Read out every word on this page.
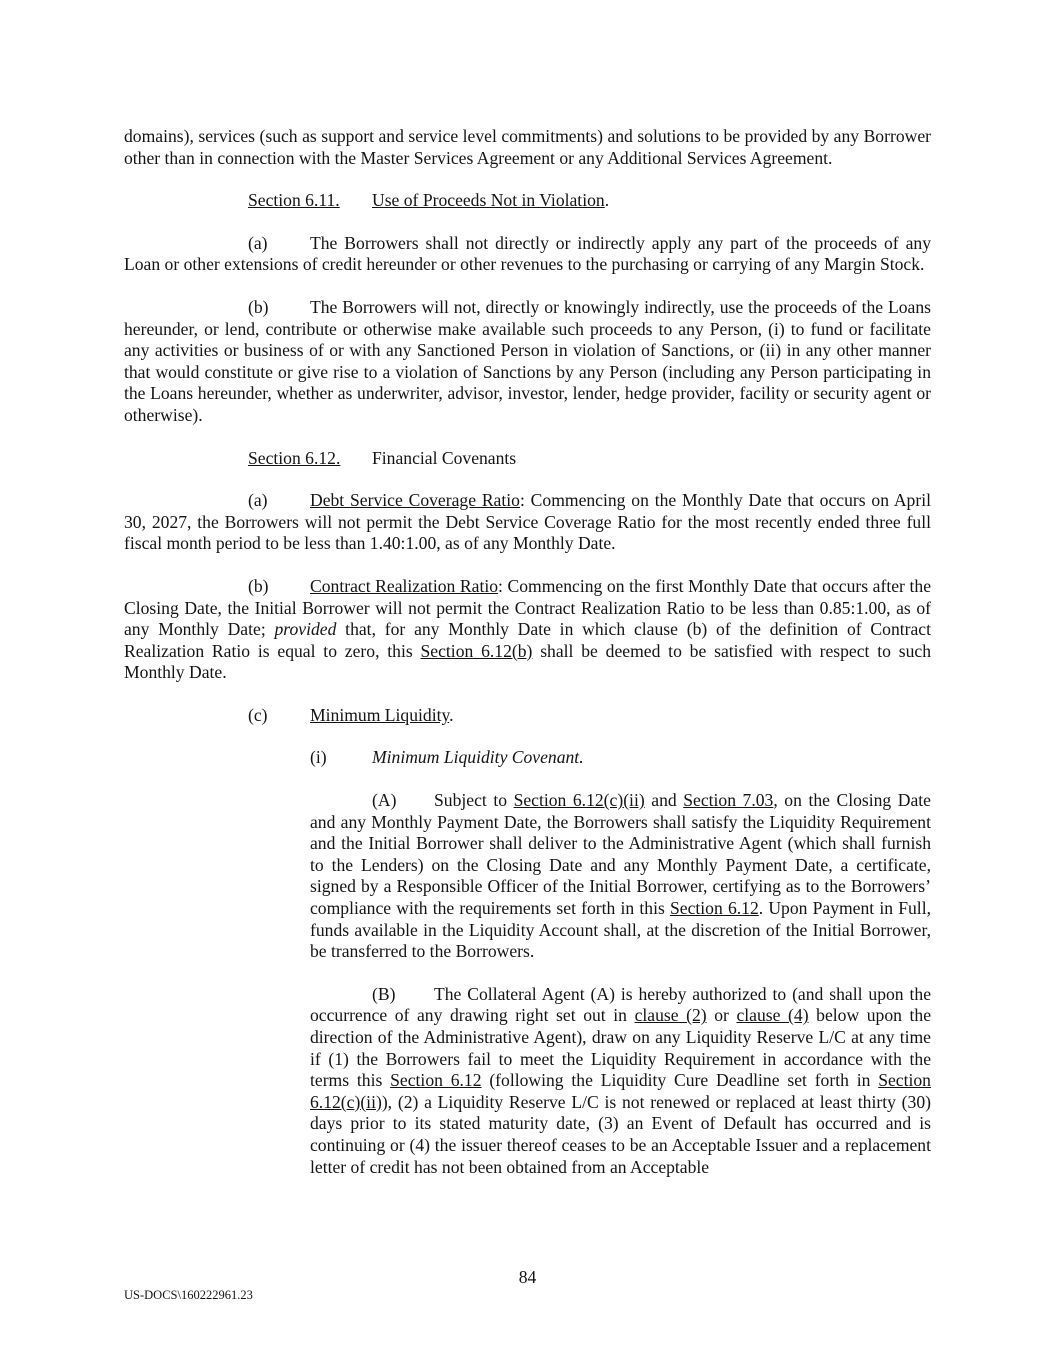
domains), services (such as support and service level commitments) and solutions to be provided by any Borrower other than in connection with the Master Services Agreement or any Additional Services Agreement.

Section 6.11. Use of Proceeds Not in Violation.

(a) The Borrowers shall not directly or indirectly apply any part of the proceeds of any Loan or other extensions of credit hereunder or other revenues to the purchasing or carrying of any Margin Stock.

(b) The Borrowers will not, directly or knowingly indirectly, use the proceeds of the Loans hereunder, or lend, contribute or otherwise make available such proceeds to any Person, (i) to fund or facilitate any activities or business of or with any Sanctioned Person in violation of Sanctions, or (ii) in any other manner that would constitute or give rise to a violation of Sanctions by any Person (including any Person participating in the Loans hereunder, whether as underwriter, advisor, investor, lender, hedge provider, facility or security agent or otherwise).

Section 6.12. Financial Covenants

(a) Debt Service Coverage Ratio: Commencing on the Monthly Date that occurs on April 30, 2027, the Borrowers will not permit the Debt Service Coverage Ratio for the most recently ended three full fiscal month period to be less than 1.40:1.00, as of any Monthly Date.

(b) Contract Realization Ratio: Commencing on the first Monthly Date that occurs after the Closing Date, the Initial Borrower will not permit the Contract Realization Ratio to be less than 0.85:1.00, as of any Monthly Date; provided that, for any Monthly Date in which clause (b) of the definition of Contract Realization Ratio is equal to zero, this Section 6.12(b) shall be deemed to be satisfied with respect to such Monthly Date.

(c) Minimum Liquidity.

(i)	Minimum Liquidity Covenant.

(A) Subject to Section 6.12(c)(ii) and Section 7.03, on the Closing Date and any Monthly Payment Date, the Borrowers shall satisfy the Liquidity Requirement and the Initial Borrower shall deliver to the Administrative Agent (which shall furnish to the Lenders) on the Closing Date and any Monthly Payment Date, a certificate, signed by a Responsible Officer of the Initial Borrower, certifying as to the Borrowers’ compliance with the requirements set forth in this Section 6.12. Upon Payment in Full, funds available in the Liquidity Account shall, at the discretion of the Initial Borrower, be transferred to the Borrowers.

(B) The Collateral Agent (A) is hereby authorized to (and shall upon the occurrence of any drawing right set out in clause (2) or clause (4) below upon the direction of the Administrative Agent), draw on any Liquidity Reserve L/C at any time if (1) the Borrowers fail to meet the Liquidity Requirement in accordance with the terms this Section 6.12 (following the Liquidity Cure Deadline set forth in Section 6.12(c)(ii)), (2) a Liquidity Reserve L/C is not renewed or replaced at least thirty (30) days prior to its stated maturity date, (3) an Event of Default has occurred and is continuing or (4) the issuer thereof ceases to be an Acceptable Issuer and a replacement letter of credit has not been obtained from an Acceptable

84
US-DOCS\160222961.23
